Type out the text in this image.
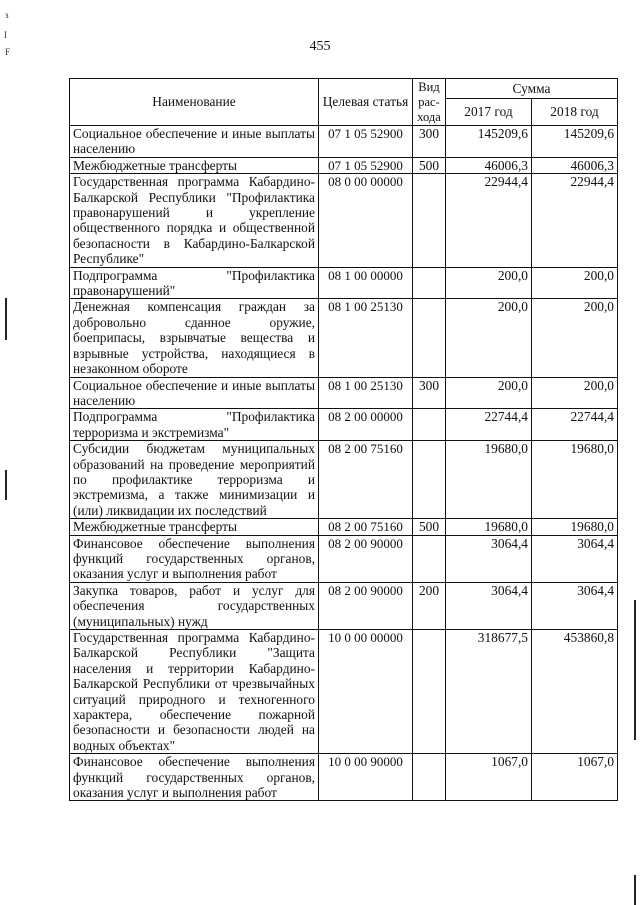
455
з
I
F
Наименование	Целевая статья	Вид рас-хода	Сумма	
			2017 год	2018 год
Социальное обеспечение и иные выплаты населению	07 1 05 52900	300	145209,6	145209,6
Межбюджетные трансферты	07 1 05 52900	500	46006,3	46006,3
Государственная программа Кабардино-Балкарской Республики "Профилактика правонарушений и укрепление общественного порядка и общественной безопасности в Кабардино-Балкарской Республике"	08 0 00 00000		22944,4	22944,4
Подпрограмма "Профилактика правонарушений"	08 1 00 00000		200,0	200,0
Денежная компенсация граждан за добровольно сданное оружие, боеприпасы, взрывчатые вещества и взрывные устройства, находящиеся в незаконном обороте	08 1 00 25130		200,0	200,0
Социальное обеспечение и иные выплаты населению	08 1 00 25130	300	200,0	200,0
Подпрограмма "Профилактика терроризма и экстремизма"	08 2 00 00000		22744,4	22744,4
Субсидии бюджетам муниципальных образований на проведение мероприятий по профилактике терроризма и экстремизма, а также минимизации и (или) ликвидации их последствий	08 2 00 75160		19680,0	19680,0
Межбюджетные трансферты	08 2 00 75160	500	19680,0	19680,0
Финансовое обеспечение выполнения функций государственных органов, оказания услуг и выполнения работ	08 2 00 90000		3064,4	3064,4
Закупка товаров, работ и услуг для обеспечения государственных (муниципальных) нужд	08 2 00 90000	200	3064,4	3064,4
Государственная программа Кабардино-Балкарской Республики "Защита населения и территории Кабардино-Балкарской Республики от чрезвычайных ситуаций природного и техногенного характера, обеспечение пожарной безопасности и безопасности людей на водных объектах"	10 0 00 00000		318677,5	453860,8
Финансовое обеспечение выполнения функций государственных органов, оказания услуг и выполнения работ	10 0 00 90000		1067,0	1067,0
